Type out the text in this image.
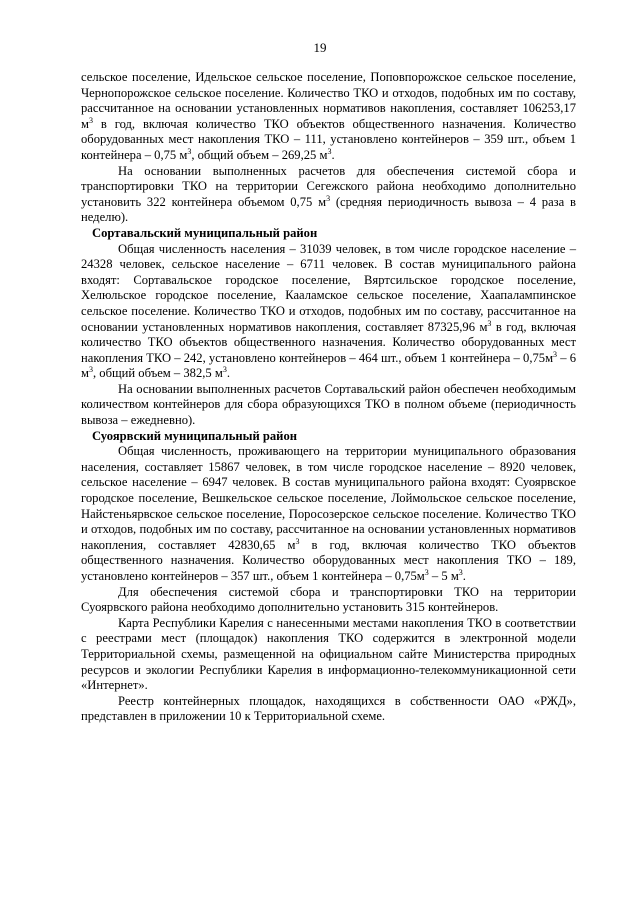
19

сельское поселение, Идельское сельское поселение, Поповпорожское сельское поселение, Чернопорожское сельское поселение. Количество ТКО и отходов, подобных им по составу, рассчитанное на основании установленных нормативов накопления, составляет 106253,17 $м^3$ в год, включая количество ТКО объектов общественного назначения. Количество оборудованных мест накопления ТКО – 111, установлено контейнеров – 359 шт., объем 1 контейнера – 0,75 $м^3$, общий объем – 269,25 $м^3$.

На основании выполненных расчетов для обеспечения системой сбора и транспортировки ТКО на территории Сегежского района необходимо дополнительно установить 322 контейнера объемом 0,75 $м^3$ (средняя периодичность вывоза – 4 раза в неделю).

Сортавальский муниципальный район

Общая численность населения – 31039 человек, в том числе городское население – 24328 человек, сельское население – 6711 человек. В состав муниципального района входят: Сортавальское городское поселение, Вяртсильское городское поселение, Хелюльское городское поселение, Кааламское сельское поселение, Хаапалампинское сельское поселение. Количество ТКО и отходов, подобных им по составу, рассчитанное на основании установленных нормативов накопления, составляет 87325,96 $м^3$ в год, включая количество ТКО объектов общественного назначения. Количество оборудованных мест накопления ТКО – 242, установлено контейнеров – 464 шт., объем 1 контейнера – $0,75м^3 - 6$ $м^3$, общий объем – 382,5 $м^3$.

На основании выполненных расчетов Сортавальский район обеспечен необходимым количеством контейнеров для сбора образующихся ТКО в полном объеме (периодичность вывоза – ежедневно).

Суоярвский муниципальный район

Общая численность, проживающего на территории муниципального образования населения, составляет 15867 человек, в том числе городское население – 8920 человек, сельское население – 6947 человек. В состав муниципального района входят: Суоярвское городское поселение, Вешкельское сельское поселение, Лоймольское сельское поселение, Найстеньярвское сельское поселение, Поросозерское сельское поселение. Количество ТКО и отходов, подобных им по составу, рассчитанное на основании установленных нормативов накопления, составляет 42830,65 $м^3$ в год, включая количество ТКО объектов общественного назначения. Количество оборудованных мест накопления ТКО – 189, установлено контейнеров – 357 шт., объем 1 контейнера – $0,75м^3 - 5$ $м^3$.

Для обеспечения системой сбора и транспортировки ТКО на территории Суоярвского района необходимо дополнительно установить 315 контейнеров.

Карта Республики Карелия с нанесенными местами накопления ТКО в соответствии с реестрами мест (площадок) накопления ТКО содержится в электронной модели Территориальной схемы, размещенной на официальном сайте Министерства природных ресурсов и экологии Республики Карелия в информационно-телекоммуникационной сети «Интернет».

Реестр контейнерных площадок, находящихся в собственности ОАО «РЖД», представлен в приложении 10 к Территориальной схеме.
